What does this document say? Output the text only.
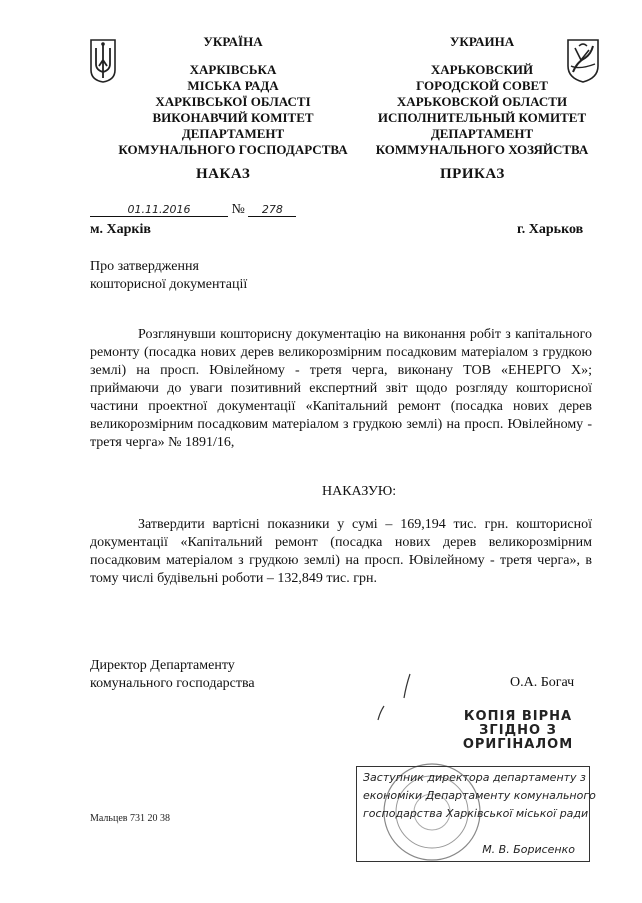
УКРАЇНА
ХАРКІВСЬКА
МІСЬКА РАДА
ХАРКІВСЬКОЇ ОБЛАСТІ
ВИКОНАВЧИЙ КОМІТЕТ
ДЕПАРТАМЕНТ
КОМУНАЛЬНОГО ГОСПОДАРСТВА
УКРАИНА
ХАРЬКОВСКИЙ
ГОРОДСКОЙ СОВЕТ
ХАРЬКОВСКОЙ ОБЛАСТИ
ИСПОЛНИТЕЛЬНЫЙ КОМИТЕТ
ДЕПАРТАМЕНТ
КОММУНАЛЬНОГО ХОЗЯЙСТВА
НАКАЗ	ПРИКАЗ
01.11.2016	№ 278
м. Харків	г. Харьков
Про затвердження
кошторисної документації
Розглянувши кошторисну документацію на виконання робіт з капітального ремонту (посадка нових дерев великорозмірним посадковим матеріалом з грудкою землі) на просп. Ювілейному - третя черга, виконану ТОВ «ЕНЕРГО Х»; приймаючи до уваги позитивний експертний звіт щодо розгляду кошторисної частини проектної документації «Капітальний ремонт (посадка нових дерев великорозмірним посадковим матеріалом з грудкою землі) на просп. Ювілейному - третя черга» № 1891/16,
НАКАЗУЮ:
Затвердити вартісні показники у сумі – 169,194 тис. грн. кошторисної документації «Капітальний ремонт (посадка нових дерев великорозмірним посадковим матеріалом з грудкою землі) на просп. Ювілейному - третя черга», в тому числі будівельні роботи – 132,849 тис. грн.
Директор Департаменту
комунального господарства	О.А. Богач
КОПІЯ ВІРНА
ЗГІДНО З
ОРИГІНАЛОМ
Заступник директора департаменту з
економіки Департаменту комунального
господарства Харківської міської ради
М. В. Борисенко
Мальцев 731 20 38
